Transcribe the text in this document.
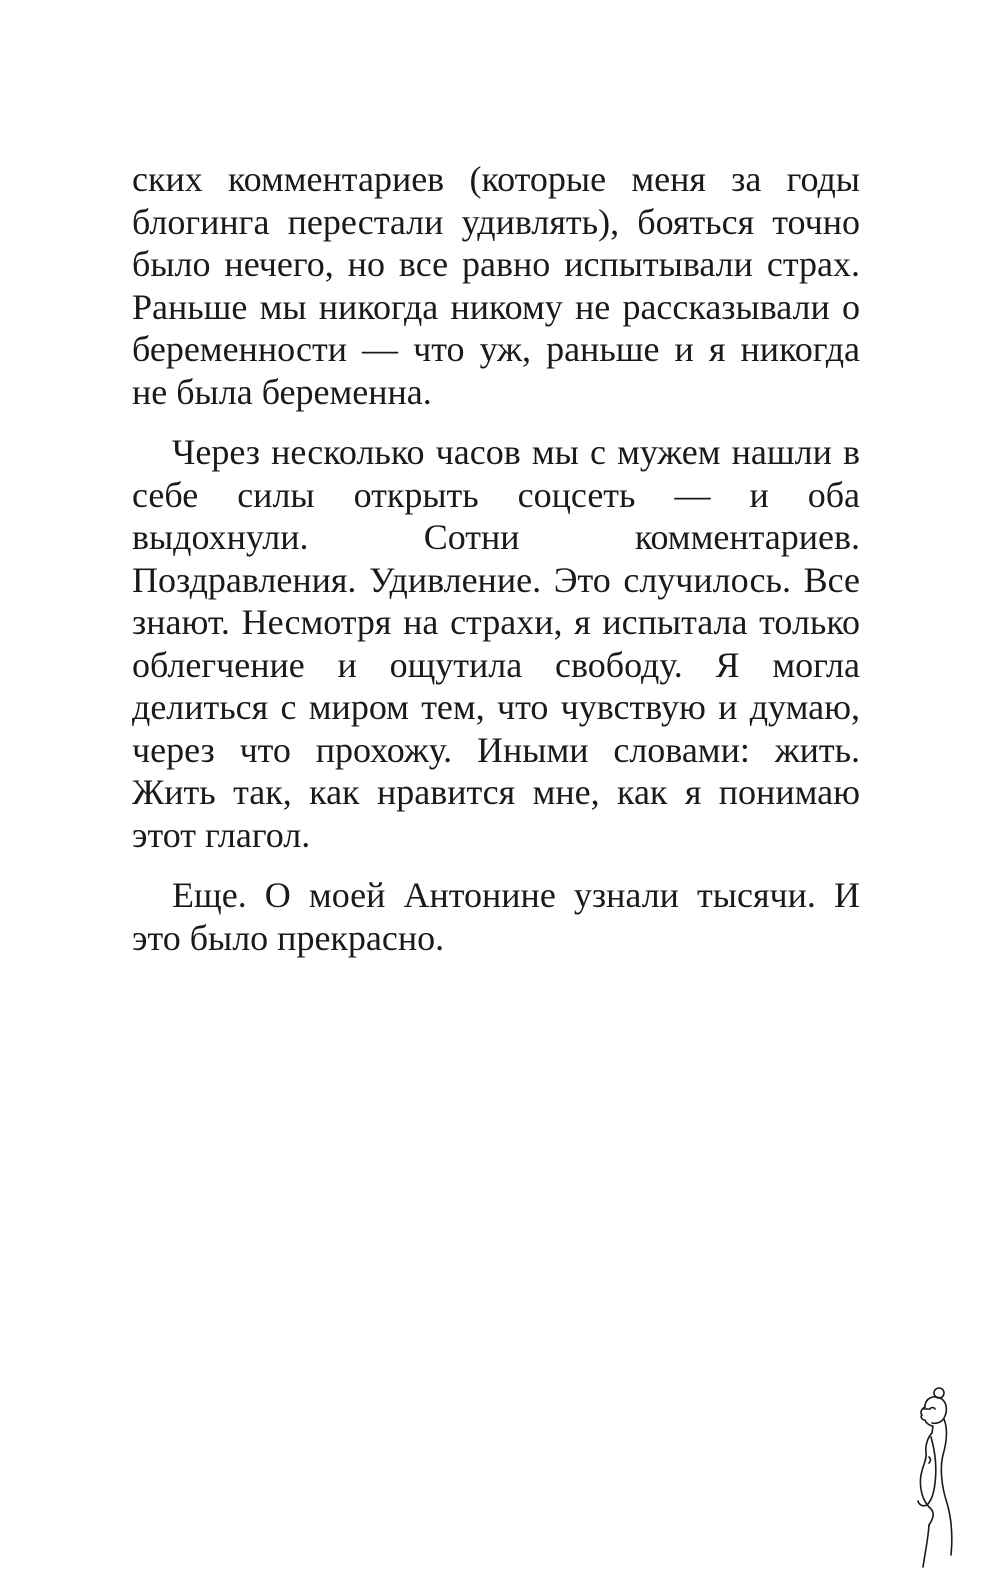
ских комментариев (которые меня за годы блогинга перестали удивлять), бояться точно было нечего, но все равно испытывали страх. Раньше мы никогда никому не рассказывали о беременности — что уж, раньше и я никогда не была беременна.

Через несколько часов мы с мужем нашли в себе силы открыть соцсеть — и оба выдохнули. Сотни комментариев. Поздравления. Удивление. Это случилось. Все знают. Несмотря на страхи, я испытала только облегчение и ощутила свободу. Я могла делиться с миром тем, что чувствую и думаю, через что прохожу. Иными словами: жить. Жить так, как нравится мне, как я понимаю этот глагол.

Еще. О моей Антонине узнали тысячи. И это было прекрасно.
